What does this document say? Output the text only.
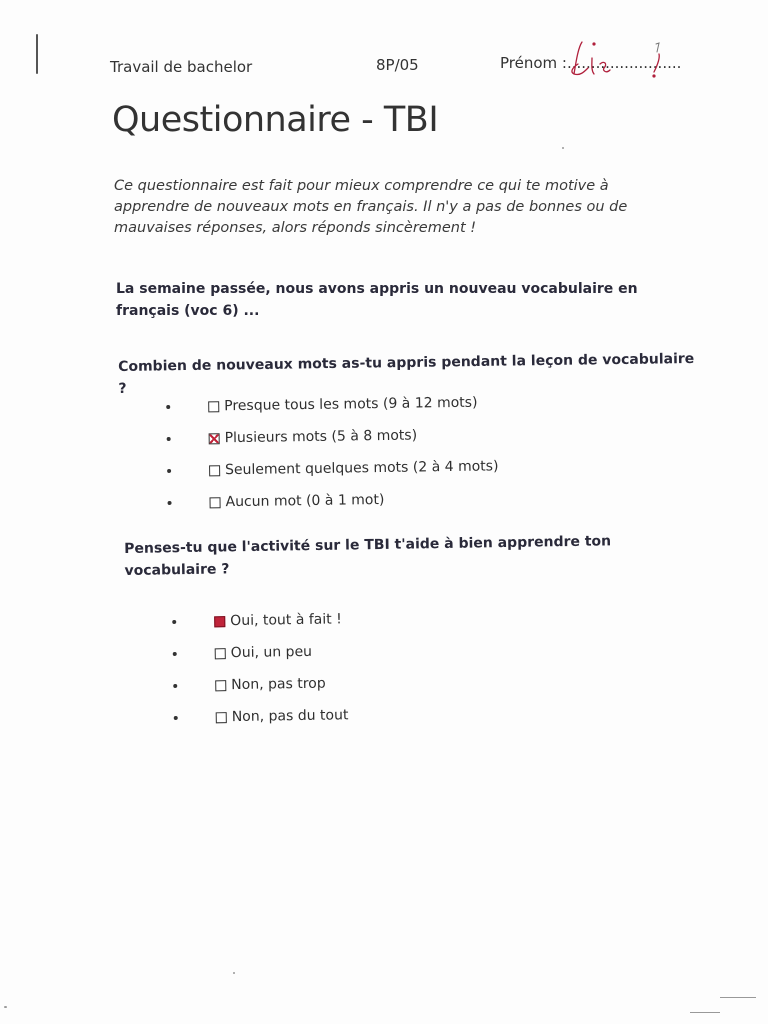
Travail de bachelor	8P/05	Prénom :........................
Questionnaire - TBI

Ce questionnaire est fait pour mieux comprendre ce qui te motive à apprendre de nouveaux mots en français. Il n'y a pas de bonnes ou de mauvaises réponses, alors réponds sincèrement !

La semaine passée, nous avons appris un nouveau vocabulaire en français (voc 6) ...

Combien de nouveaux mots as-tu appris pendant la leçon de vocabulaire ?

Presque tous les mots (9 à 12 mots)
Plusieurs mots (5 à 8 mots)
Seulement quelques mots (2 à 4 mots)
Aucun mot (0 à 1 mot)

Penses-tu que l'activité sur le TBI t'aide à bien apprendre ton vocabulaire ?

Oui, tout à fait !
Oui, un peu
Non, pas trop
Non, pas du tout
